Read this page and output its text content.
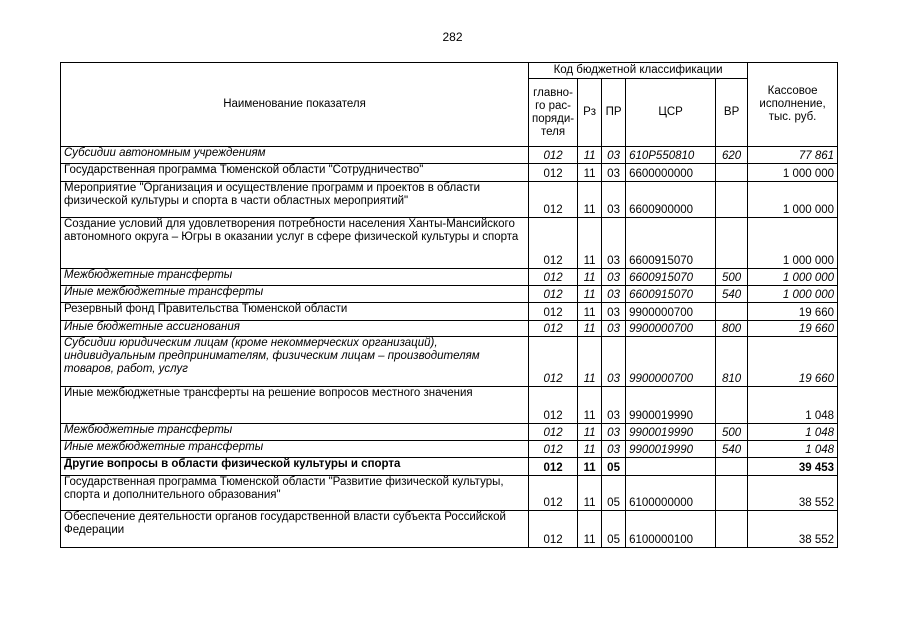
282
Наименование показателя	Код бюджетной классификации					Кассовое исполнение, тыс. руб.
	главно-го рас-поряди-теля	Рз	ПР	ЦСР	ВР	
Субсидии автономным учреждениям	012	11	03	610Р550810	620	77 861
Государственная программа Тюменской области "Сотрудничество"	012	11	03	6600000000		1 000 000
Мероприятие "Организация и осуществление программ и проектов в области физической культуры и спорта в части областных мероприятий"	012	11	03	6600900000		1 000 000
Создание условий для удовлетворения потребности населения Ханты-Мансийского автономного округа – Югры в оказании услуг в сфере физической культуры и спорта	012	11	03	6600915070		1 000 000
Межбюджетные трансферты	012	11	03	6600915070	500	1 000 000
Иные межбюджетные трансферты	012	11	03	6600915070	540	1 000 000
Резервный фонд Правительства Тюменской области	012	11	03	9900000700		19 660
Иные бюджетные ассигнования	012	11	03	9900000700	800	19 660
Субсидии юридическим лицам (кроме некоммерческих организаций), индивидуальным предпринимателям, физическим лицам – производителям товаров, работ, услуг	012	11	03	9900000700	810	19 660
Иные межбюджетные трансферты на решение вопросов местного значения	012	11	03	9900019990		1 048
Межбюджетные трансферты	012	11	03	9900019990	500	1 048
Иные межбюджетные трансферты	012	11	03	9900019990	540	1 048
Другие вопросы в области физической культуры и спорта	012	11	05			39 453
Государственная программа Тюменской области "Развитие физической культуры, спорта и дополнительного образования"	012	11	05	6100000000		38 552
Обеспечение деятельности органов государственной власти субъекта Российской Федерации	012	11	05	6100000100		38 552
